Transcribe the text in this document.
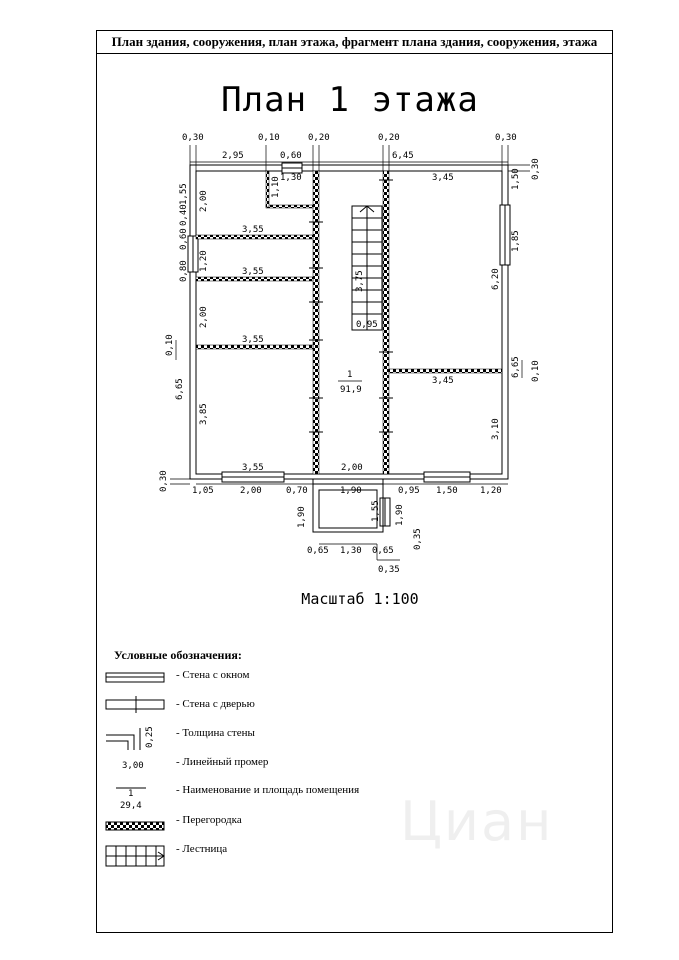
План здания, сооружения, план этажа, фрагмент плана здания, сооружения, этажа
План 1 этажа
0,30	0,10	0,20	0,20	0,30
2,95	0,60	6,45
1,30	3,45
3,55
3,55
3,55
3,45
0,95
3,55	2,00
1,05	2,00	0,70	1,90	0,95 1,50 1,20
0,65 1,30 0,65
0,35
1,55
0,60
0,40
0,80
2,00
1,20
2,00
3,85
1,10
0,10
6,65
0,30
3,75
1,50 0,30
1,85
6,20
6,65 0,10
3,10
1,90	1,55 1,90
0,35
1
91,9
0,25
3,00
1
29,4
Масштаб 1:100
Условные обозначения:
- Стена с окном
- Стена с дверью
- Толщина стены
- Линейный промер
- Наименование и площадь помещения
- Перегородка
- Лестница	Циан
